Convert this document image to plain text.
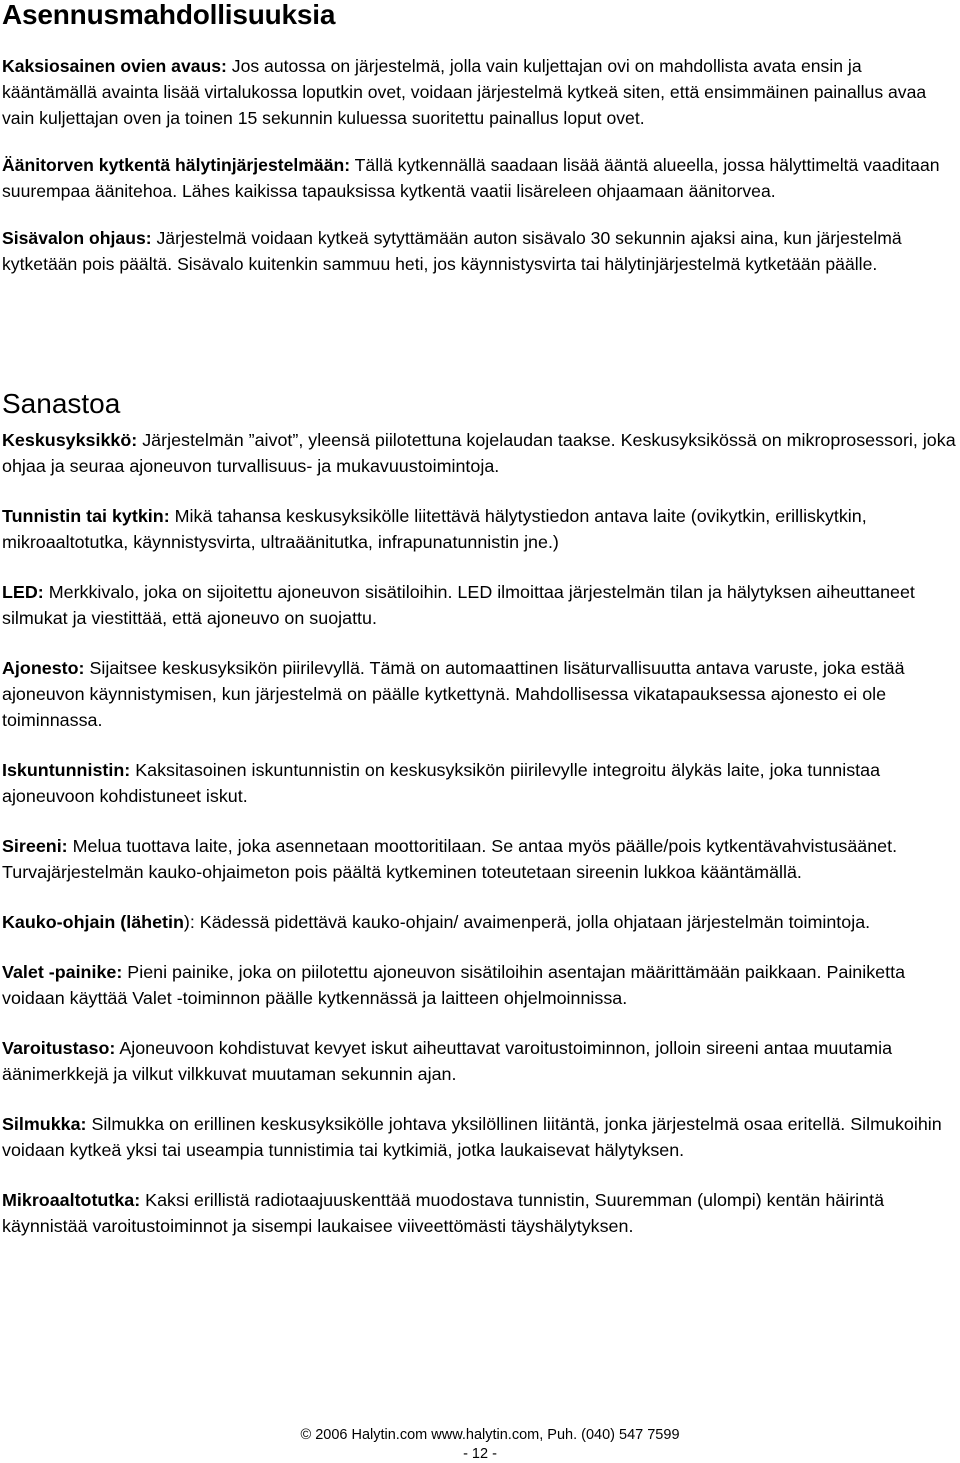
Asennusmahdollisuuksia

Kaksiosainen ovien avaus: Jos autossa on järjestelmä, jolla vain kuljettajan ovi on mahdollista avata ensin ja kääntämällä avainta lisää virtalukossa loputkin ovet, voidaan järjestelmä kytkeä siten, että ensimmäinen painallus avaa vain kuljettajan oven ja toinen 15 sekunnin kuluessa suoritettu painallus loput ovet.

Äänitorven kytkentä hälytinjärjestelmään: Tällä kytkennällä saadaan lisää ääntä alueella, jossa hälyttimeltä vaaditaan suurempaa äänitehoa. Lähes kaikissa tapauksissa kytkentä vaatii lisäreleen ohjaamaan äänitorvea.

Sisävalon ohjaus: Järjestelmä voidaan kytkeä sytyttämään auton sisävalo 30 sekunnin ajaksi aina, kun järjestelmä kytketään pois päältä. Sisävalo kuitenkin sammuu heti, jos käynnistysvirta tai hälytinjärjestelmä kytketään päälle.

Sanastoa

Keskusyksikkö: Järjestelmän ”aivot”, yleensä piilotettuna kojelaudan taakse. Keskusyksikössä on mikroprosessori, joka ohjaa ja seuraa ajoneuvon turvallisuus- ja mukavuustoimintoja.

Tunnistin tai kytkin: Mikä tahansa keskusyksikölle liitettävä hälytystiedon antava laite (ovikytkin, erilliskytkin, mikroaaltotutka, käynnistysvirta, ultraäänitutka, infrapunatunnistin jne.)

LED: Merkkivalo, joka on sijoitettu ajoneuvon sisätiloihin. LED ilmoittaa järjestelmän tilan ja hälytyksen aiheuttaneet silmukat ja viestittää, että ajoneuvo on suojattu.

Ajonesto: Sijaitsee keskusyksikön piirilevyllä. Tämä on automaattinen lisäturvallisuutta antava varuste, joka estää ajoneuvon käynnistymisen, kun järjestelmä on päälle kytkettynä. Mahdollisessa vikatapauksessa ajonesto ei ole toiminnassa.

Iskuntunnistin: Kaksitasoinen iskuntunnistin on keskusyksikön piirilevylle integroitu älykäs laite, joka tunnistaa ajoneuvoon kohdistuneet iskut.

Sireeni: Melua tuottava laite, joka asennetaan moottoritilaan. Se antaa myös päälle/pois kytkentävahvistusäänet. Turvajärjestelmän kauko-ohjaimeton pois päältä kytkeminen toteutetaan sireenin lukkoa kääntämällä.

Kauko-ohjain (lähetin): Kädessä pidettävä kauko-ohjain/ avaimenperä, jolla ohjataan järjestelmän toimintoja.

Valet -painike: Pieni painike, joka on piilotettu ajoneuvon sisätiloihin asentajan määrittämään paikkaan. Painiketta voidaan käyttää Valet -toiminnon päälle kytkennässä ja laitteen ohjelmoinnissa.

Varoitustaso: Ajoneuvoon kohdistuvat kevyet iskut aiheuttavat varoitustoiminnon, jolloin sireeni antaa muutamia äänimerkkejä ja vilkut vilkkuvat muutaman sekunnin ajan.

Silmukka: Silmukka on erillinen keskusyksikölle johtava yksilöllinen liitäntä, jonka järjestelmä osaa eritellä. Silmukoihin voidaan kytkeä yksi tai useampia tunnistimia tai kytkimiä, jotka laukaisevat hälytyksen.

Mikroaaltotutka: Kaksi erillistä radiotaajuuskenttää muodostava tunnistin, Suuremman (ulompi) kentän häirintä käynnistää varoitustoiminnot ja sisempi laukaisee viiveettömästi täyshälytyksen.

© 2006 Halytin.com www.halytin.com, Puh. (040) 547 7599
- 12 -
